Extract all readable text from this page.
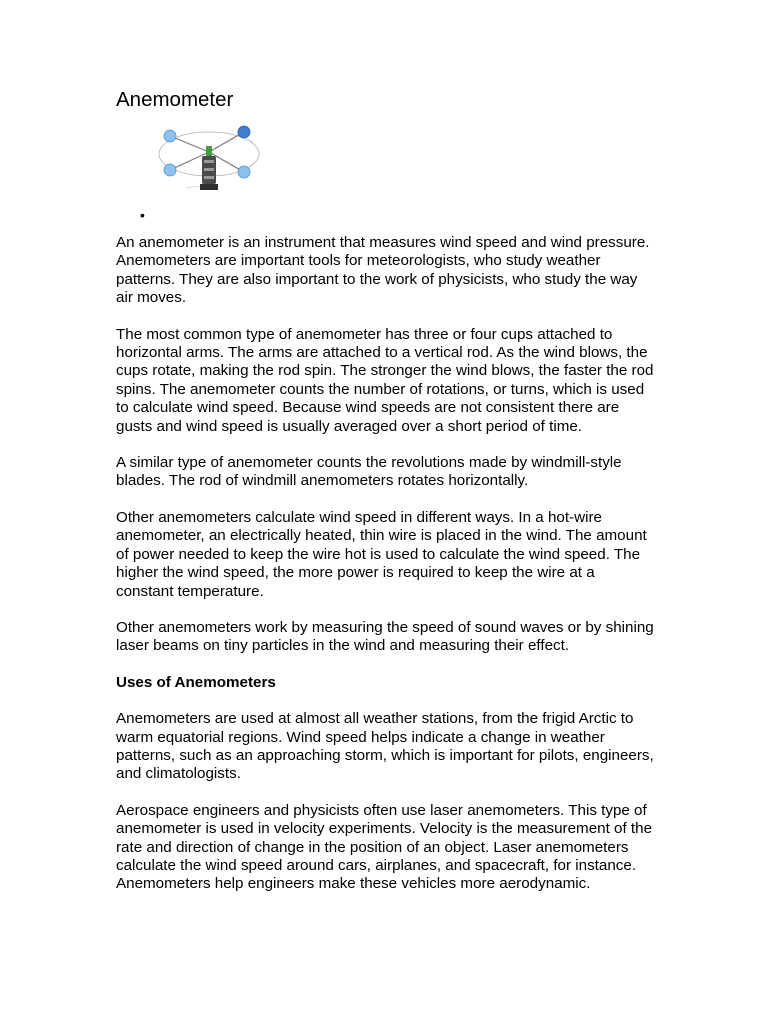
Anemometer
•

An anemometer is an instrument that measures wind speed and wind pressure. Anemometers are important tools for meteorologists, who study weather patterns. They are also important to the work of physicists, who study the way air moves.

The most common type of anemometer has three or four cups attached to horizontal arms. The arms are attached to a vertical rod. As the wind blows, the cups rotate, making the rod spin. The stronger the wind blows, the faster the rod spins. The anemometer counts the number of rotations, or turns, which is used to calculate wind speed. Because wind speeds are not consistent there are gusts and wind speed is usually averaged over a short period of time.

A similar type of anemometer counts the revolutions made by windmill-style blades. The rod of windmill anemometers rotates horizontally.

Other anemometers calculate wind speed in different ways. In a hot-wire anemometer, an electrically heated, thin wire is placed in the wind. The amount of power needed to keep the wire hot is used to calculate the wind speed. The higher the wind speed, the more power is required to keep the wire at a constant temperature.

Other anemometers work by measuring the speed of sound waves or by shining laser beams on tiny particles in the wind and measuring their effect.

Uses of Anemometers

Anemometers are used at almost all weather stations, from the frigid Arctic to warm equatorial regions. Wind speed helps indicate a change in weather patterns, such as an approaching storm, which is important for pilots, engineers, and climatologists.

Aerospace engineers and physicists often use laser anemometers. This type of anemometer is used in velocity experiments. Velocity is the measurement of the rate and direction of change in the position of an object. Laser anemometers calculate the wind speed around cars, airplanes, and spacecraft, for instance. Anemometers help engineers make these vehicles more aerodynamic.
